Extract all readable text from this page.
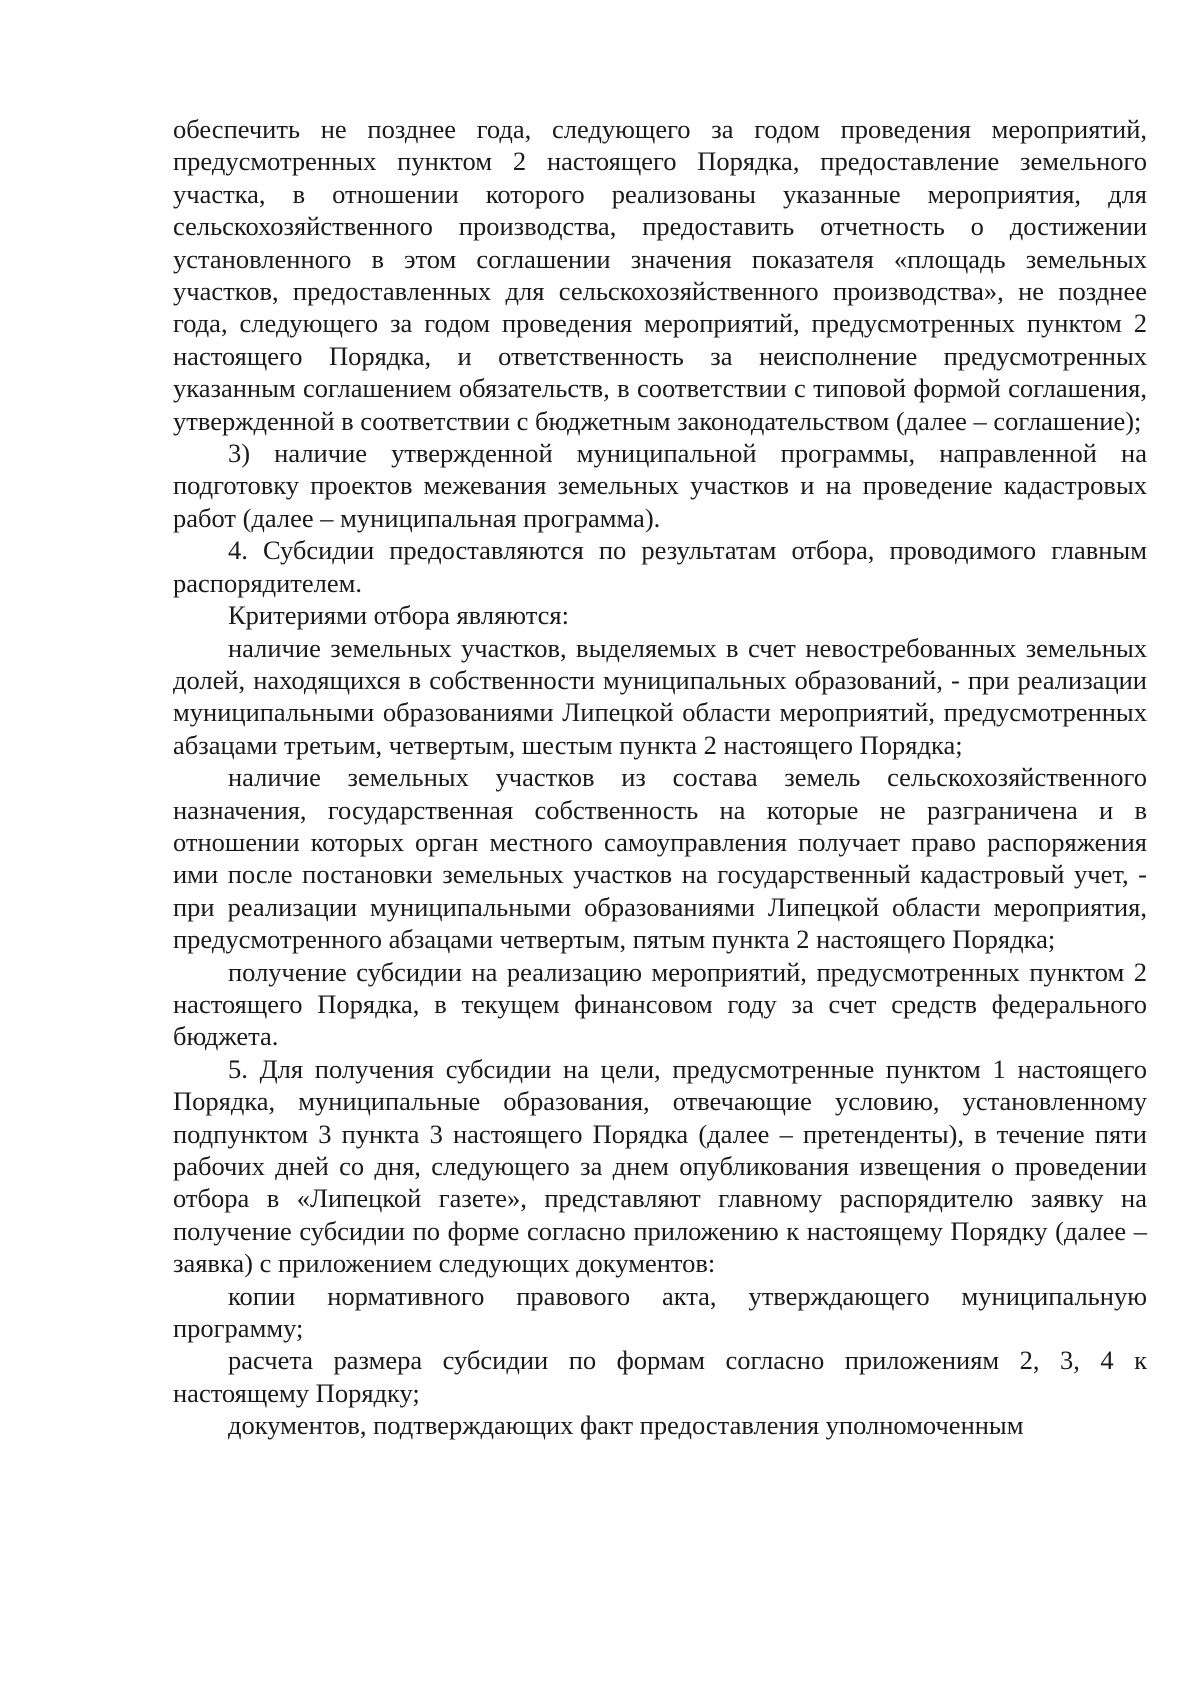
обеспечить не позднее года, следующего за годом проведения мероприятий, предусмотренных пунктом 2 настоящего Порядка, предоставление земельного участка, в отношении которого реализованы указанные мероприятия, для сельскохозяйственного производства, предоставить отчетность о достижении установленного в этом соглашении значения показателя «площадь земельных участков, предоставленных для сельскохозяйственного производства», не позднее года, следующего за годом проведения мероприятий, предусмотренных пунктом 2 настоящего Порядка, и ответственность за неисполнение предусмотренных указанным соглашением обязательств, в соответствии с типовой формой соглашения, утвержденной в соответствии с бюджетным законодательством (далее – соглашение);

3) наличие утвержденной муниципальной программы, направленной на подготовку проектов межевания земельных участков и на проведение кадастровых работ (далее – муниципальная программа).

4. Субсидии предоставляются по результатам отбора, проводимого главным распорядителем.

Критериями отбора являются:

наличие земельных участков, выделяемых в счет невостребованных земельных долей, находящихся в собственности муниципальных образований, - при реализации муниципальными образованиями Липецкой области мероприятий, предусмотренных абзацами третьим, четвертым, шестым пункта 2 настоящего Порядка;

наличие земельных участков из состава земель сельскохозяйственного назначения, государственная собственность на которые не разграничена и в отношении которых орган местного самоуправления получает право распоряжения ими после постановки земельных участков на государственный кадастровый учет, - при реализации муниципальными образованиями Липецкой области мероприятия, предусмотренного абзацами четвертым, пятым пункта 2 настоящего Порядка;

получение субсидии на реализацию мероприятий, предусмотренных пунктом 2 настоящего Порядка, в текущем финансовом году за счет средств федерального бюджета.

5. Для получения субсидии на цели, предусмотренные пунктом 1 настоящего Порядка, муниципальные образования, отвечающие условию, установленному подпунктом 3 пункта 3 настоящего Порядка (далее – претенденты), в течение пяти рабочих дней со дня, следующего за днем опубликования извещения о проведении отбора в «Липецкой газете», представляют главному распорядителю заявку на получение субсидии по форме согласно приложению к настоящему Порядку (далее – заявка) с приложением следующих документов:

копии нормативного правового акта, утверждающего муниципальную программу;

расчета размера субсидии по формам согласно приложениям 2, 3, 4 к настоящему Порядку;

документов, подтверждающих факт предоставления уполномоченным
